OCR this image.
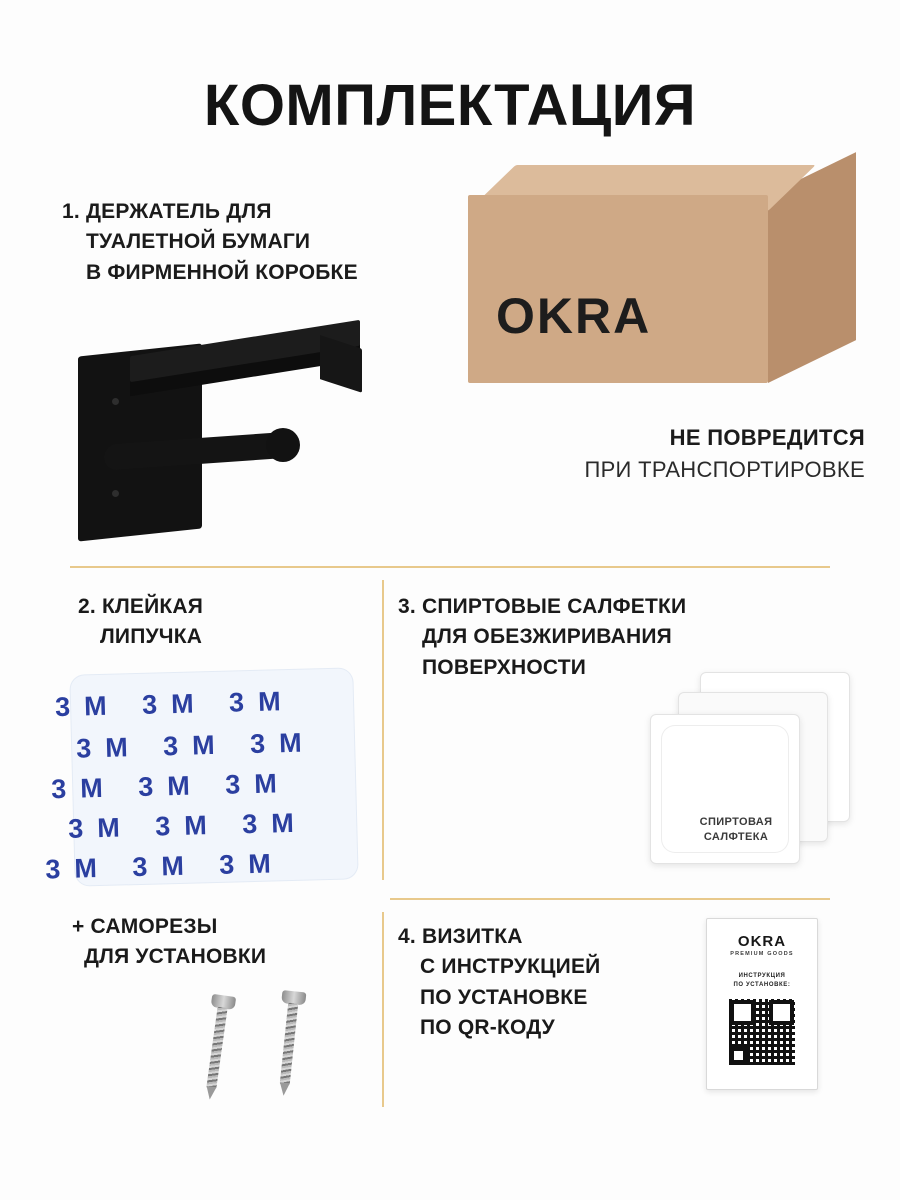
КОМПЛЕКТАЦИЯ
1. ДЕРЖАТЕЛЬ ДЛЯ
ТУАЛЕТНОЙ БУМАГИ
В ФИРМЕННОЙ КОРОБКЕ
OKRA
НЕ ПОВРЕДИТСЯ
ПРИ ТРАНСПОРТИРОВКЕ
2. КЛЕЙКАЯ
ЛИПУЧКА
3M 3M 3M
3M 3M 3M
3M 3M 3M
3M 3M 3M
3M 3M 3M
+ САМОРЕЗЫ
ДЛЯ УСТАНОВКИ
3. СПИРТОВЫЕ САЛФЕТКИ
ДЛЯ ОБЕЗЖИРИВАНИЯ
ПОВЕРХНОСТИ
СПИРТОВАЯ
САЛФТЕКА
4. ВИЗИТКА
С ИНСТРУКЦИЕЙ
ПО УСТАНОВКЕ
ПО QR-КОДУ
OKRA
PREMIUM GOODS
ИНСТРУКЦИЯ
ПО УСТАНОВКЕ:
